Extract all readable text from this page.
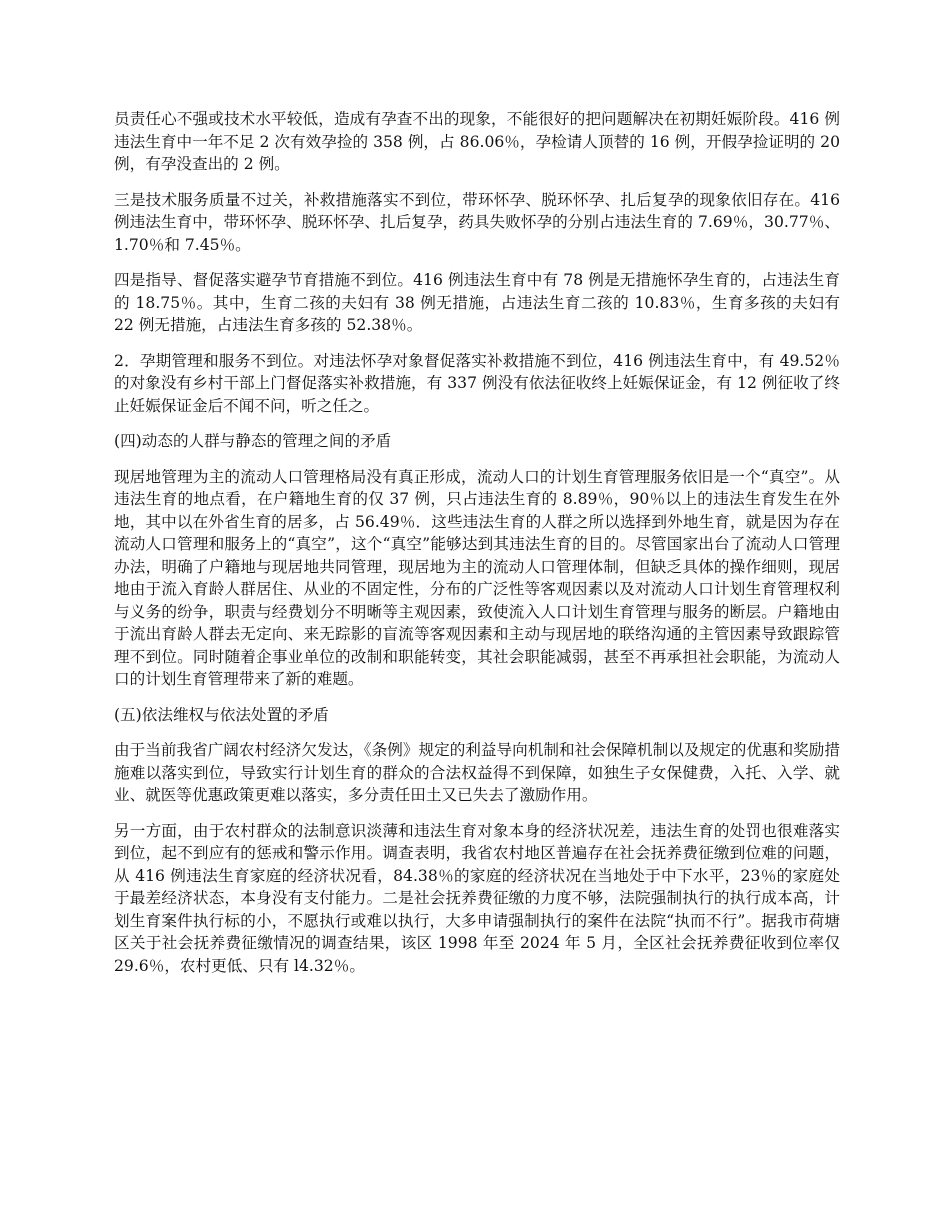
员责任心不强或技术水平较低，造成有孕查不出的现象，不能很好的把问题解决在初期妊娠阶段。416 例违法生育中一年不足 2 次有效孕捡的 358 例，占 86.06％，孕检请人顶替的 16 例，开假孕捡证明的 20 例，有孕没查出的 2 例。

三是技术服务质量不过关，补救措施落实不到位，带环怀孕、脱环怀孕、扎后复孕的现象依旧存在。416 例违法生育中，带环怀孕、脱环怀孕、扎后复孕，药具失败怀孕的分别占违法生育的 7.69％，30.77％、1.70％和 7.45％。

四是指导、督促落实避孕节育措施不到位。416 例违法生育中有 78 例是无措施怀孕生育的，占违法生育的 18.75％。其中，生育二孩的夫妇有 38 例无措施，占违法生育二孩的 10.83％，生育多孩的夫妇有 22 例无措施，占违法生育多孩的 52.38％。

2．孕期管理和服务不到位。对违法怀孕对象督促落实补救措施不到位，416 例违法生育中，有 49.52％的对象没有乡村干部上门督促落实补救措施，有 337 例没有依法征收终上妊娠保证金，有 12 例征收了终止妊娠保证金后不闻不问，听之任之。

(四)动态的人群与静态的管理之间的矛盾

现居地管理为主的流动人口管理格局没有真正形成，流动人口的计划生育管理服务依旧是一个“真空”。从违法生育的地点看，在户籍地生育的仅 37 例，只占违法生育的 8.89％，90％以上的违法生育发生在外地，其中以在外省生育的居多，占 56.49％．这些违法生育的人群之所以选择到外地生育，就是因为存在流动人口管理和服务上的“真空”，这个“真空”能够达到其违法生育的目的。尽管国家出台了流动人口管理办法，明确了户籍地与现居地共同管理，现居地为主的流动人口管理体制，但缺乏具体的操作细则，现居地由于流入育龄人群居住、从业的不固定性，分布的广泛性等客观因素以及对流动人口计划生育管理权利与义务的纷争，职责与经费划分不明晰等主观因素，致使流入人口计划生育管理与服务的断层。户籍地由于流出育龄人群去无定向、来无踪影的盲流等客观因素和主动与现居地的联络沟通的主管因素导致跟踪管理不到位。同时随着企事业单位的改制和职能转变，其社会职能减弱，甚至不再承担社会职能，为流动人口的计划生育管理带来了新的难题。

(五)依法维权与依法处置的矛盾

由于当前我省广阔农村经济欠发达，《条例》规定的利益导向机制和社会保障机制以及规定的优惠和奖励措施难以落实到位，导致实行计划生育的群众的合法权益得不到保障，如独生子女保健费，入托、入学、就业、就医等优惠政策更难以落实，多分责任田土又已失去了激励作用。

另一方面，由于农村群众的法制意识淡薄和违法生育对象本身的经济状况差，违法生育的处罚也很难落实到位，起不到应有的惩戒和警示作用。调查表明，我省农村地区普遍存在社会抚养费征缴到位难的问题，从 416 例违法生育家庭的经济状况看，84.38％的家庭的经济状况在当地处于中下水平，23％的家庭处于最差经济状态，本身没有支付能力。二是社会抚养费征缴的力度不够，法院强制执行的执行成本高，计划生育案件执行标的小，不愿执行或难以执行，大多申请强制执行的案件在法院“执而不行”。据我市荷塘区关于社会抚养费征缴情况的调查结果，该区 1998 年至 2024 年 5 月，全区社会抚养费征收到位率仅 29.6％，农村更低、只有 l4.32％。
